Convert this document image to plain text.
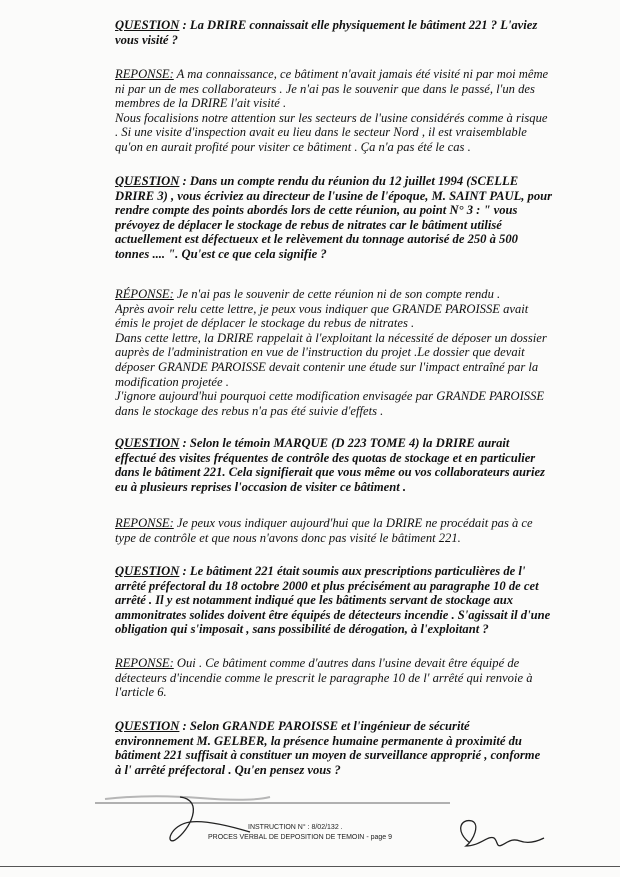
QUESTION : La DRIRE connaissait elle physiquement le bâtiment 221 ? L'aviez
vous visité ?
REPONSE: A ma connaissance, ce bâtiment n'avait jamais été visité ni par moi même
ni par un de mes collaborateurs . Je n'ai pas le souvenir que dans le passé, l'un des
membres de la DRIRE l'ait visité .
Nous focalisions notre attention sur les secteurs de l'usine considérés comme à risque
. Si une visite d'inspection avait eu lieu dans le secteur Nord , il est vraisemblable
qu'on en aurait profité pour visiter ce bâtiment . Ça n'a pas été le cas .
QUESTION : Dans un compte rendu du réunion du 12 juillet 1994 (SCELLE
DRIRE 3) , vous écriviez au directeur de l'usine de l'époque, M. SAINT PAUL, pour
rendre compte des points abordés lors de cette réunion, au point N° 3 : " vous
prévoyez de déplacer le stockage de rebus de nitrates car le bâtiment utilisé
actuellement est défectueux et le relèvement du tonnage autorisé de 250 à 500
tonnes .... ". Qu'est ce que cela signifie ?
RÉPONSE: Je n'ai pas le souvenir de cette réunion ni de son compte rendu .
Après avoir relu cette lettre, je peux vous indiquer que GRANDE PAROISSE avait
émis le projet de déplacer le stockage du rebus de nitrates .
Dans cette lettre, la DRIRE rappelait à l'exploitant la nécessité de déposer un dossier
auprès de l'administration en vue de l'instruction du projet .Le dossier que devait
déposer GRANDE PAROISSE devait contenir une étude sur l'impact entraîné par la
modification projetée .
J'ignore aujourd'hui pourquoi cette modification envisagée par GRANDE PAROISSE
dans le stockage des rebus n'a pas été suivie d'effets .
QUESTION : Selon le témoin MARQUE (D 223 TOME 4) la DRIRE aurait
effectué des visites fréquentes de contrôle des quotas de stockage et en particulier
dans le bâtiment 221. Cela signifierait que vous même ou vos collaborateurs auriez
eu à plusieurs reprises l'occasion de visiter ce bâtiment .
REPONSE: Je peux vous indiquer aujourd'hui que la DRIRE ne procédait pas à ce
type de contrôle et que nous n'avons donc pas visité le bâtiment 221.
QUESTION : Le bâtiment 221 était soumis aux prescriptions particulières de l'
arrêté préfectoral du 18 octobre 2000 et plus précisément au paragraphe 10 de cet
arrêté . Il y est notamment indiqué que les bâtiments servant de stockage aux
ammonitrates solides doivent être équipés de détecteurs incendie . S'agissait il d'une
obligation qui s'imposait , sans possibilité de dérogation, à l'exploitant ?
REPONSE: Oui . Ce bâtiment comme d'autres dans l'usine devait être équipé de
détecteurs d'incendie comme le prescrit le paragraphe 10 de l' arrêté qui renvoie à
l'article 6.
QUESTION : Selon GRANDE PAROISSE et l'ingénieur de sécurité
environnement M. GELBER, la présence humaine permanente à proximité du
bâtiment 221 suffisait à constituer un moyen de surveillance approprié , conforme
à l' arrêté préfectoral . Qu'en pensez vous ?
INSTRUCTION N° : 8/02/132 .
PROCES VERBAL DE DEPOSITION DE TEMOIN - page 9
